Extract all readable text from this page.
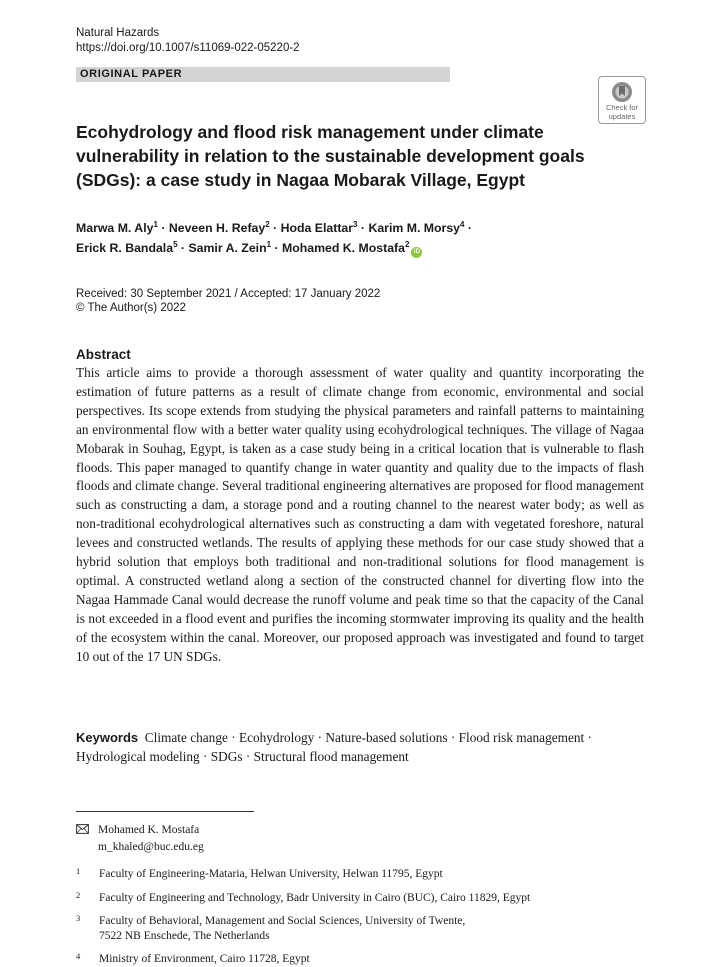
Natural Hazards
https://doi.org/10.1007/s11069-022-05220-2
ORIGINAL PAPER
Check for
updates
Ecohydrology and flood risk management under climate vulnerability in relation to the sustainable development goals (SDGs): a case study in Nagaa Mobarak Village, Egypt
Marwa M. Aly$^1$ · Neveen H. Refay$^2$ · Hoda Elattar$^3$ · Karim M. Morsy$^4$ ·
Erick R. Bandala$^5$ · Samir A. Zein$^1$ · Mohamed K. Mostafa$^2$iD
Received: 30 September 2021 / Accepted: 17 January 2022
© The Author(s) 2022
Abstract

This article aims to provide a thorough assessment of water quality and quantity incorporating the estimation of future patterns as a result of climate change from economic, environmental and social perspectives. Its scope extends from studying the physical parameters and rainfall patterns to maintaining an environmental flow with a better water quality using ecohydrological techniques. The village of Nagaa Mobarak in Souhag, Egypt, is taken as a case study being in a critical location that is vulnerable to flash floods. This paper managed to quantify change in water quantity and quality due to the impacts of flash floods and climate change. Several traditional engineering alternatives are proposed for flood management such as constructing a dam, a storage pond and a routing channel to the nearest water body; as well as non-traditional ecohydrological alternatives such as constructing a dam with vegetated foreshore, natural levees and constructed wetlands. The results of applying these methods for our case study showed that a hybrid solution that employs both traditional and non-traditional solutions for flood management is optimal. A constructed wetland along a section of the constructed channel for diverting flow into the Nagaa Hammade Canal would decrease the runoff volume and peak time so that the capacity of the Canal is not exceeded in a flood event and purifies the incoming stormwater improving its quality and the health of the ecosystem within the canal. Moreover, our proposed approach was investigated and found to target 10 out of the 17 UN SDGs.

Keywords Climate change · Ecohydrology · Nature-based solutions · Flood risk management · Hydrological modeling · SDGs · Structural flood management

Mohamed K. Mostafa
m_khaled@buc.edu.eg
1 Faculty of Engineering-Mataria, Helwan University, Helwan 11795, Egypt
2 Faculty of Engineering and Technology, Badr University in Cairo (BUC), Cairo 11829, Egypt
3 Faculty of Behavioral, Management and Social Sciences, University of Twente,
7522 NB Enschede, The Netherlands
4 Ministry of Environment, Cairo 11728, Egypt
